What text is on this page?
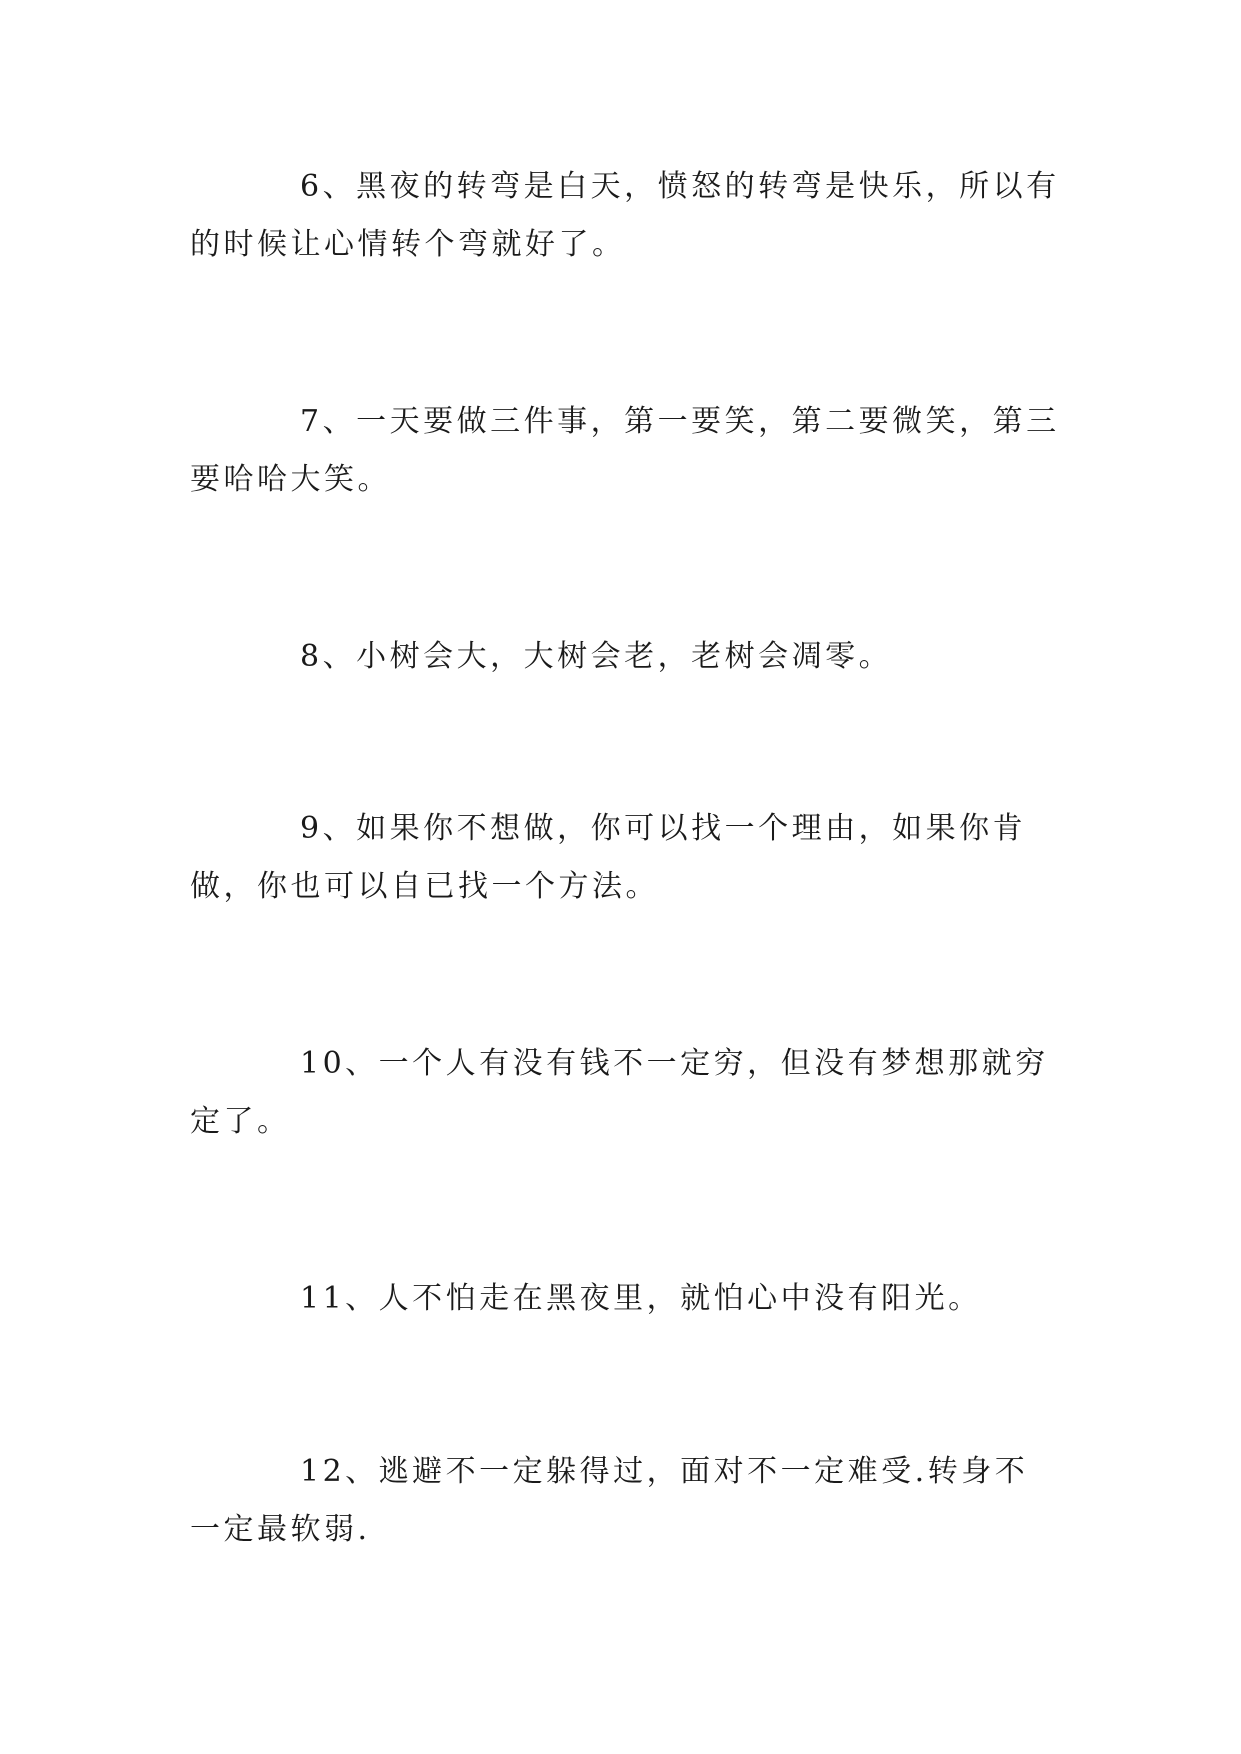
6、黑夜的转弯是白天，愤怒的转弯是快乐，所以有的时候让心情转个弯就好了。

7、一天要做三件事，第一要笑，第二要微笑，第三要哈哈大笑。

8、小树会大，大树会老，老树会凋零。

9、如果你不想做，你可以找一个理由，如果你肯做，你也可以自已找一个方法。

10、一个人有没有钱不一定穷，但没有梦想那就穷定了。

11、人不怕走在黑夜里，就怕心中没有阳光。

12、逃避不一定躲得过，面对不一定难受.转身不一定最软弱.
